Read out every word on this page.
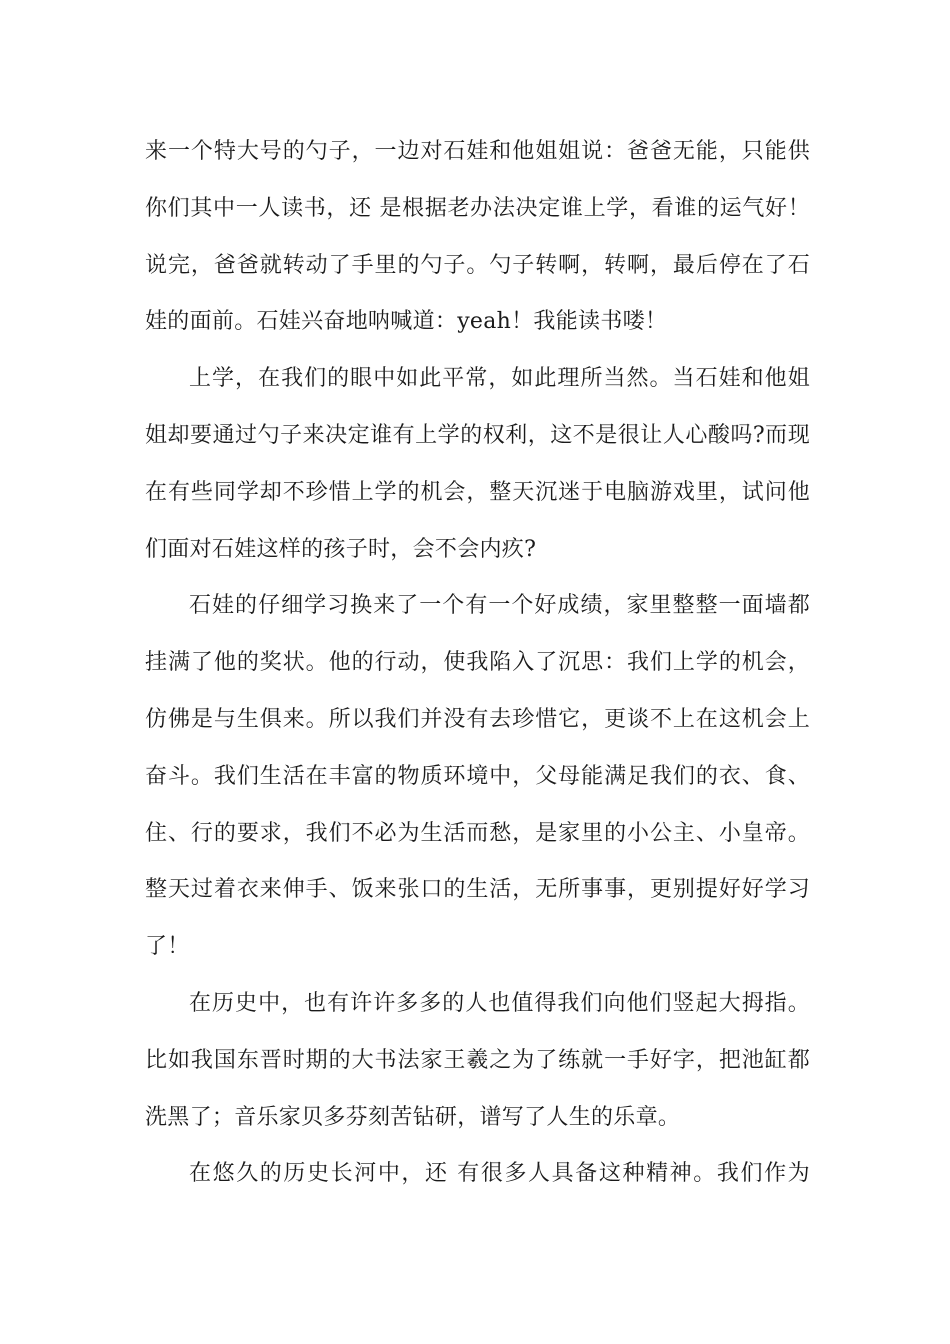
来一个特大号的勺子，一边对石娃和他姐姐说：爸爸无能，只能供
你们其中一人读书，还 是根据老办法决定谁上学，看谁的运气好！
说完，爸爸就转动了手里的勺子。勺子转啊，转啊，最后停在了石
娃的面前。石娃兴奋地呐喊道：yeah！我能读书喽！
上学，在我们的眼中如此平常，如此理所当然。当石娃和他姐
姐却要通过勺子来决定谁有上学的权利，这不是很让人心酸吗?而现
在有些同学却不珍惜上学的机会，整天沉迷于电脑游戏里，试问他
们面对石娃这样的孩子时，会不会内疚?
石娃的仔细学习换来了一个有一个好成绩，家里整整一面墙都
挂满了他的奖状。他的行动，使我陷入了沉思：我们上学的机会，
仿佛是与生俱来。所以我们并没有去珍惜它，更谈不上在这机会上
奋斗。我们生活在丰富的物质环境中，父母能满足我们的衣、食、
住、行的要求，我们不必为生活而愁，是家里的小公主、小皇帝。
整天过着衣来伸手、饭来张口的生活，无所事事，更别提好好学习
了！
在历史中，也有许许多多的人也值得我们向他们竖起大拇指。
比如我国东晋时期的大书法家王羲之为了练就一手好字，把池缸都
洗黑了；音乐家贝多芬刻苦钻研，谱写了人生的乐章。
在悠久的历史长河中，还 有很多人具备这种精神。我们作为
